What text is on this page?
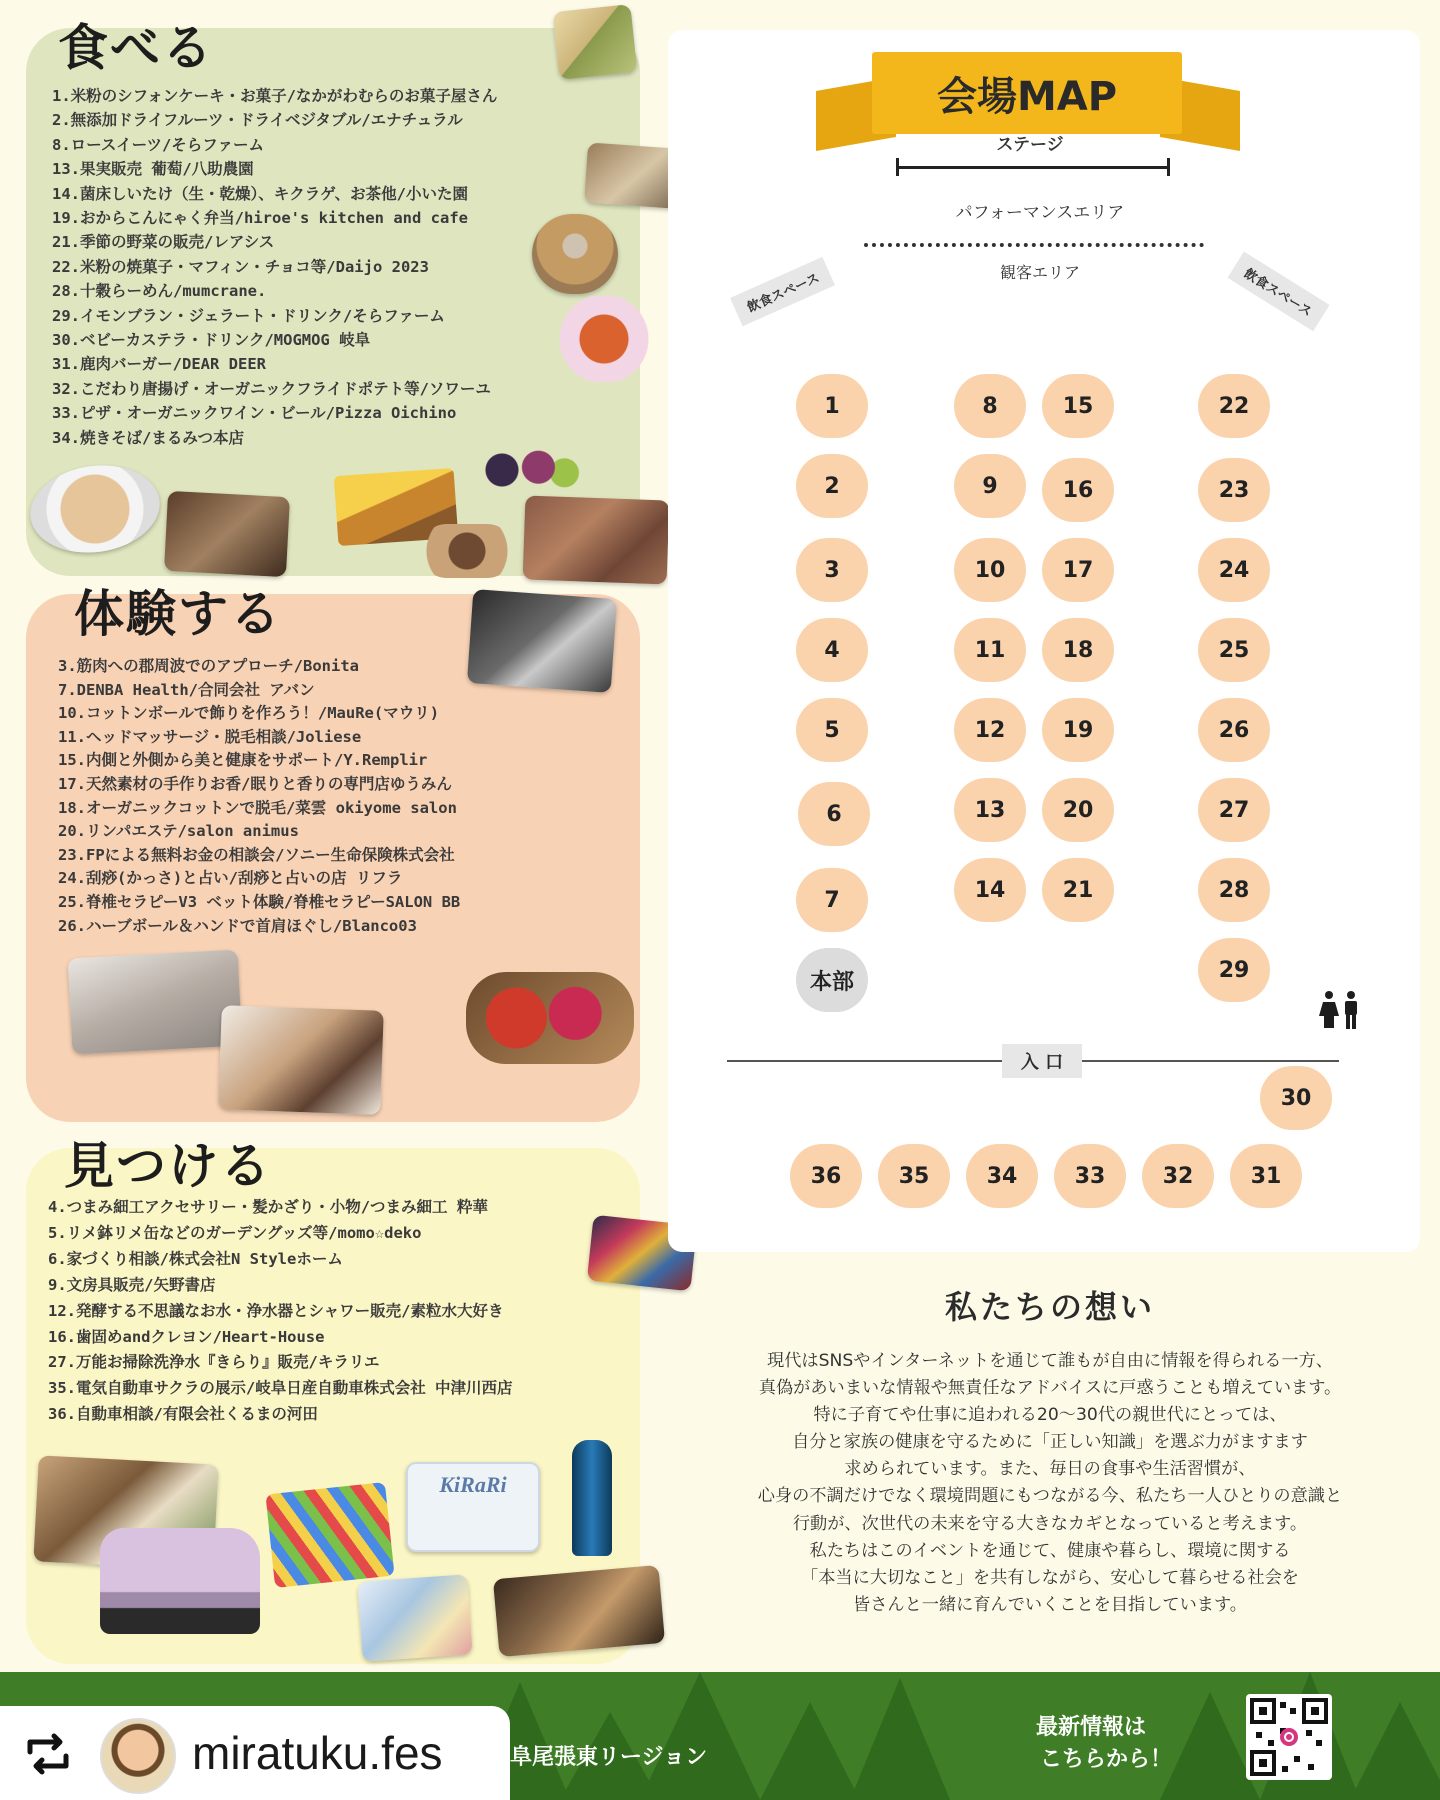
食べる
1.米粉のシフォンケーキ・お菓子/なかがわむらのお菓子屋さん
2.無添加ドライフルーツ・ドライベジタブル/エナチュラル
8.ロースイーツ/そらファーム
13.果実販売 葡萄/八助農園
14.菌床しいたけ（生・乾燥）、キクラゲ、お茶他/小いた園
19.おからこんにゃく弁当/hiroe's kitchen and cafe
21.季節の野菜の販売/レアシス
22.米粉の焼菓子・マフィン・チョコ等/Daijo 2023
28.十穀らーめん/mumcrane.
29.イモンブラン・ジェラート・ドリンク/そらファーム
30.ベビーカステラ・ドリンク/MOGMOG 岐阜
31.鹿肉バーガー/DEAR DEER
32.こだわり唐揚げ・オーガニックフライドポテト等/ソワーユ
33.ピザ・オーガニックワイン・ビール/Pizza Oichino
34.焼きそば/まるみつ本店
体験する
3.筋肉への郡周波でのアプローチ/Bonita
7.DENBA Health/合同会社 アバン
10.コットンボールで飾りを作ろう！/MauRe(マウリ)
11.ヘッドマッサージ・脱毛相談/Joliese
15.内側と外側から美と健康をサポート/Y.Remplir
17.天然素材の手作りお香/眠りと香りの専門店ゆうみん
18.オーガニックコットンで脱毛/菜雲 okiyome salon
20.リンパエステ/salon animus
23.FPによる無料お金の相談会/ソニー生命保険株式会社
24.刮痧(かっさ)と占い/刮痧と占いの店 リフラ
25.脊椎セラピーV3 ベット体験/脊椎セラピーSALON BB
26.ハーブボール＆ハンドで首肩ほぐし/Blanco03
見つける
4.つまみ細工アクセサリー・髪かざり・小物/つまみ細工 粋華
5.リメ鉢リメ缶などのガーデングッズ等/momo☆deko
6.家づくり相談/株式会社N Styleホーム
9.文房具販売/矢野書店
12.発酵する不思議なお水・浄水器とシャワー販売/素粒水大好き
16.歯固めandクレヨン/Heart-House
27.万能お掃除洗浄水『きらり』販売/キラリエ
35.電気自動車サクラの展示/岐阜日産自動車株式会社 中津川西店
36.自動車相談/有限会社くるまの河田
KiRaRi
会場MAP
ステージ
パフォーマンスエリア
観客エリア
飲食スペース	飲食スペース
1
2
3
4
5
6
7
8
9
10
11
12
13
14
15
16
17
18
19
20
21
22
23
24
25
26
27
28
29
30
31
32
33
34
35
36
本部
入 口
私たちの想い
現代はSNSやインターネットを通じて誰もが自由に情報を得られる一方、
真偽があいまいな情報や無責任なアドバイスに戸惑うことも増えています。
特に子育てや仕事に追われる20〜30代の親世代にとっては、
自分と家族の健康を守るために「正しい知識」を選ぶ力がますます
求められています。また、毎日の食事や生活習慣が、
心身の不調だけでなく環境問題にもつながる今、私たち一人ひとりの意識と
行動が、次世代の未来を守る大きなカギとなっていると考えます。
私たちはこのイベントを通じて、健康や暮らし、環境に関する
「本当に大切なこと」を共有しながら、安心して暮らせる社会を
皆さんと一緒に育んでいくことを目指しています。
阜尾張東リージョン
最新情報は
こちらから！
miratuku.fes
